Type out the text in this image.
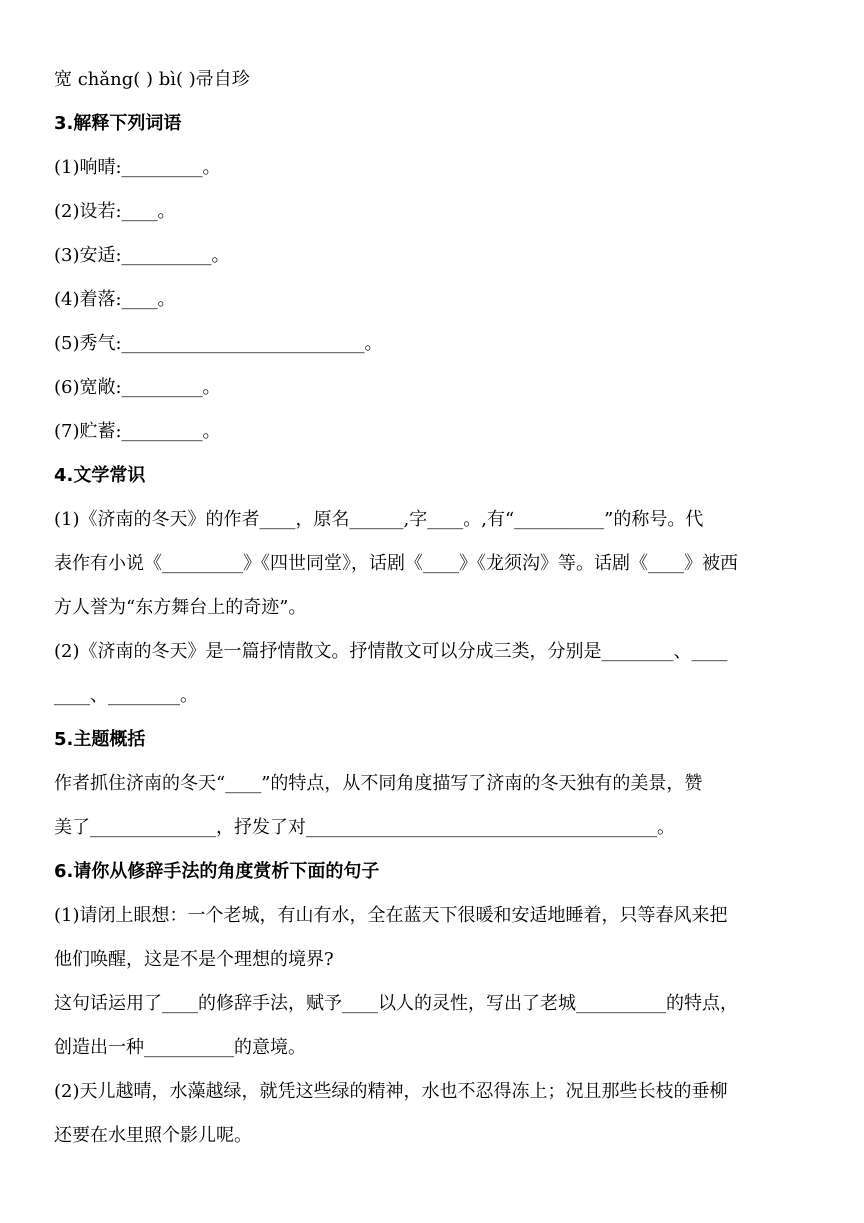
宽 chǎng( ) bì( )帚自珍
3.解释下列词语
(1)响晴:_________。
(2)设若:____。
(3)安适:__________。
(4)着落:____。
(5)秀气:___________________________。
(6)宽敞:_________。
(7)贮蓄:_________。
4.文学常识
(1)《济南的冬天》的作者____，原名______,字____。,有“__________”的称号。代
表作有小说《_________》《四世同堂》，话剧《____》《龙须沟》等。话剧《____》被西
方人誉为“东方舞台上的奇迹”。
(2)《济南的冬天》是一篇抒情散文。抒情散文可以分成三类，分别是________、____
____、________。
5.主题概括
作者抓住济南的冬天“____”的特点，从不同角度描写了济南的冬天独有的美景，赞
美了______________，抒发了对_______________________________________。
6.请你从修辞手法的角度赏析下面的句子
(1)请闭上眼想：一个老城，有山有水，全在蓝天下很暖和安适地睡着，只等春风来把
他们唤醒，这是不是个理想的境界?
这句话运用了____的修辞手法，赋予____以人的灵性，写出了老城__________的特点，
创造出一种__________的意境。
(2)天儿越晴，水藻越绿，就凭这些绿的精神，水也不忍得冻上；况且那些长枝的垂柳
还要在水里照个影儿呢。
